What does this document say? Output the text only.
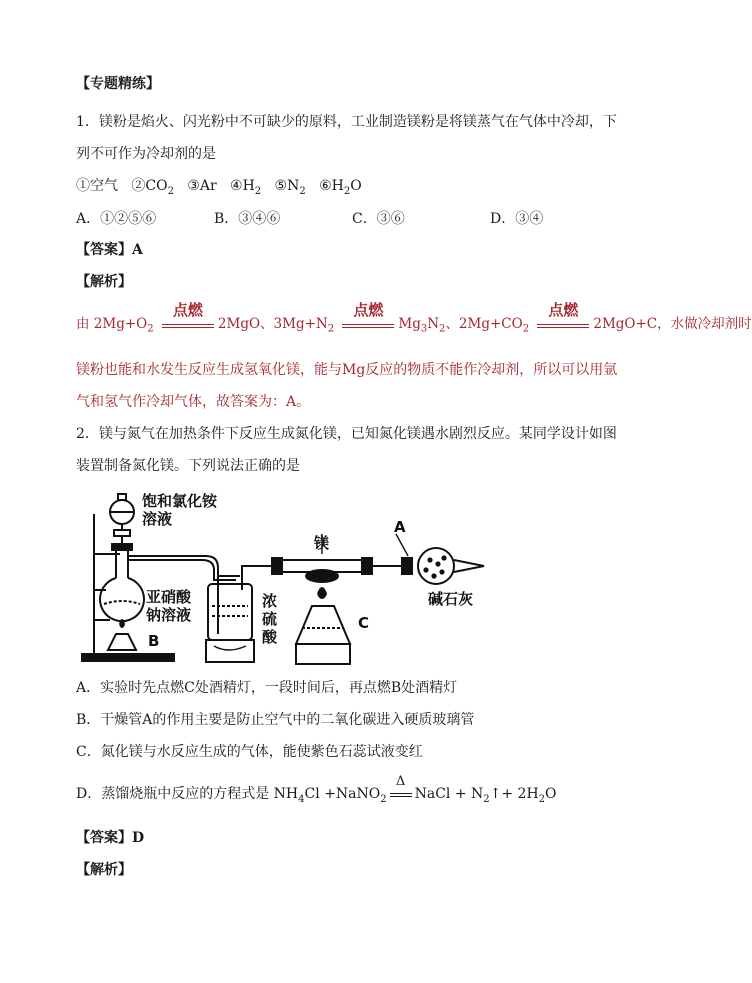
【专题精练】
1．镁粉是焰火、闪光粉中不可缺少的原料，工业制造镁粉是将镁蒸气在气体中冷却，下
列不可作为冷却剂的是
①空气 $②CO_2$ ③Ar $④H_2$ $⑤N_2$ $⑥H_2O$
A．①②⑤⑥	B．③④⑥	C．③⑥	D．③④
【答案】A
【解析】
由 $2Mg+O_2$
点燃
2MgO、$3Mg+N_2$
点燃
$Mg_3N_2$、$2Mg+CO_2$
点燃
2MgO+C，水做冷却剂时
镁粉也能和水发生反应生成氢氧化镁，能与Mg反应的物质不能作冷却剂，所以可以用氩
气和氢气作冷却气体，故答案为：A。
2．镁与氮气在加热条件下反应生成氮化镁，已知氮化镁遇水剧烈反应。某同学设计如图
装置制备氮化镁。下列说法正确的是
饱和氯化铵
溶液
镁
A
亚硝酸
钠溶液
浓
硫
酸
碱石灰
B
C
A．实验时先点燃C处酒精灯，一段时间后，再点燃B处酒精灯
B．干燥管A的作用主要是防止空气中的二氧化碳进入硬质玻璃管
C．氮化镁与水反应生成的气体，能使紫色石蕊试液变红
D．蒸馏烧瓶中反应的方程式是 $NH_4Cl$ +NaNO$_2$
Δ
NaCl + $N_2↑+ 2H_2O$
【答案】D
【解析】
